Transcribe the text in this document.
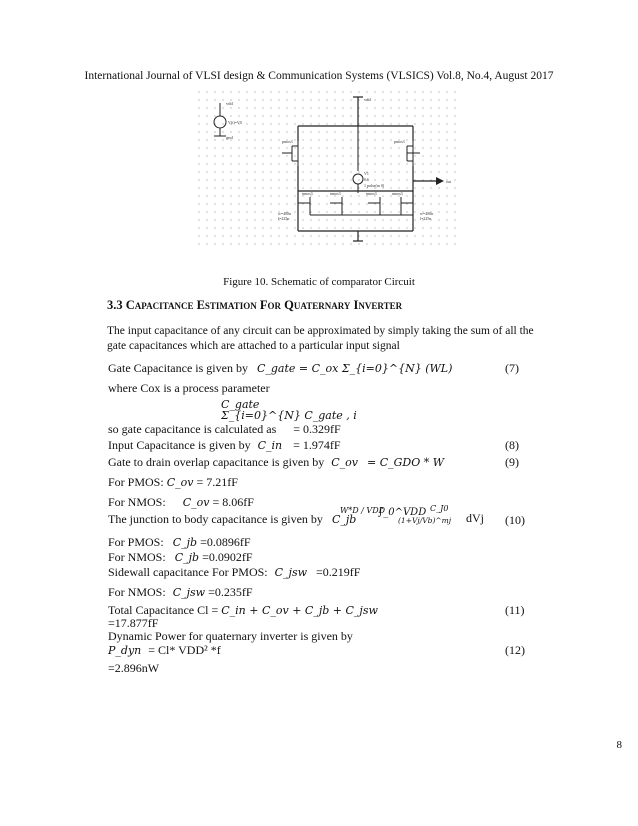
International Journal of VLSI design & Communication Systems (VLSICS) Vol.8, No.4, August 2017
vdd
V(t)=V0
gnd
vdd
pmos3	pmos3
V1
0.6
1 pulse(m 0)
out
nmos3	nmos3	nmos3	nmos3
w=400n
l=225n
w=400n
l=225n
Figure 10. Schematic of comparator Circuit
3.3 Capacitance Estimation For Quaternary Inverter
The input capacitance of any circuit can be approximated by simply taking the sum of all the gate capacitances which are attached to a particular input signal
Gate Capacitance is given by C_gate = C_ox Σ_{i=0}^{N} (WL)	(7)
where Cox is a process parameter
C_gate
Σ_{i=0}^{N} C_gate , i
so gate capacitance is calculated as = 0.329fF
Input Capacitance is given by C_in = 1.974fF	(8)
Gate to drain overlap capacitance is given by C_ov = C_GDO * W	(9)
For PMOS: C_ov = 7.21fF
For NMOS: C_ov = 8.06fF
The junction to body capacitance is given by C_jb
W*D / VDD
∫_0^VDD C_J0
(1+Vj/Vb)^mj dVj (10)
For PMOS: C_jb =0.0896fF
For NMOS: C_jb =0.0902fF
Sidewall capacitance For PMOS: C_jsw =0.219fF
For NMOS: C_jsw =0.235fF
Total Capacitance Cl = C_in + C_ov + C_jb + C_jsw	(11)
=17.877fF
Dynamic Power for quaternary inverter is given by
P_dyn = Cl* VDD² *f	(12)
=2.896nW
8
